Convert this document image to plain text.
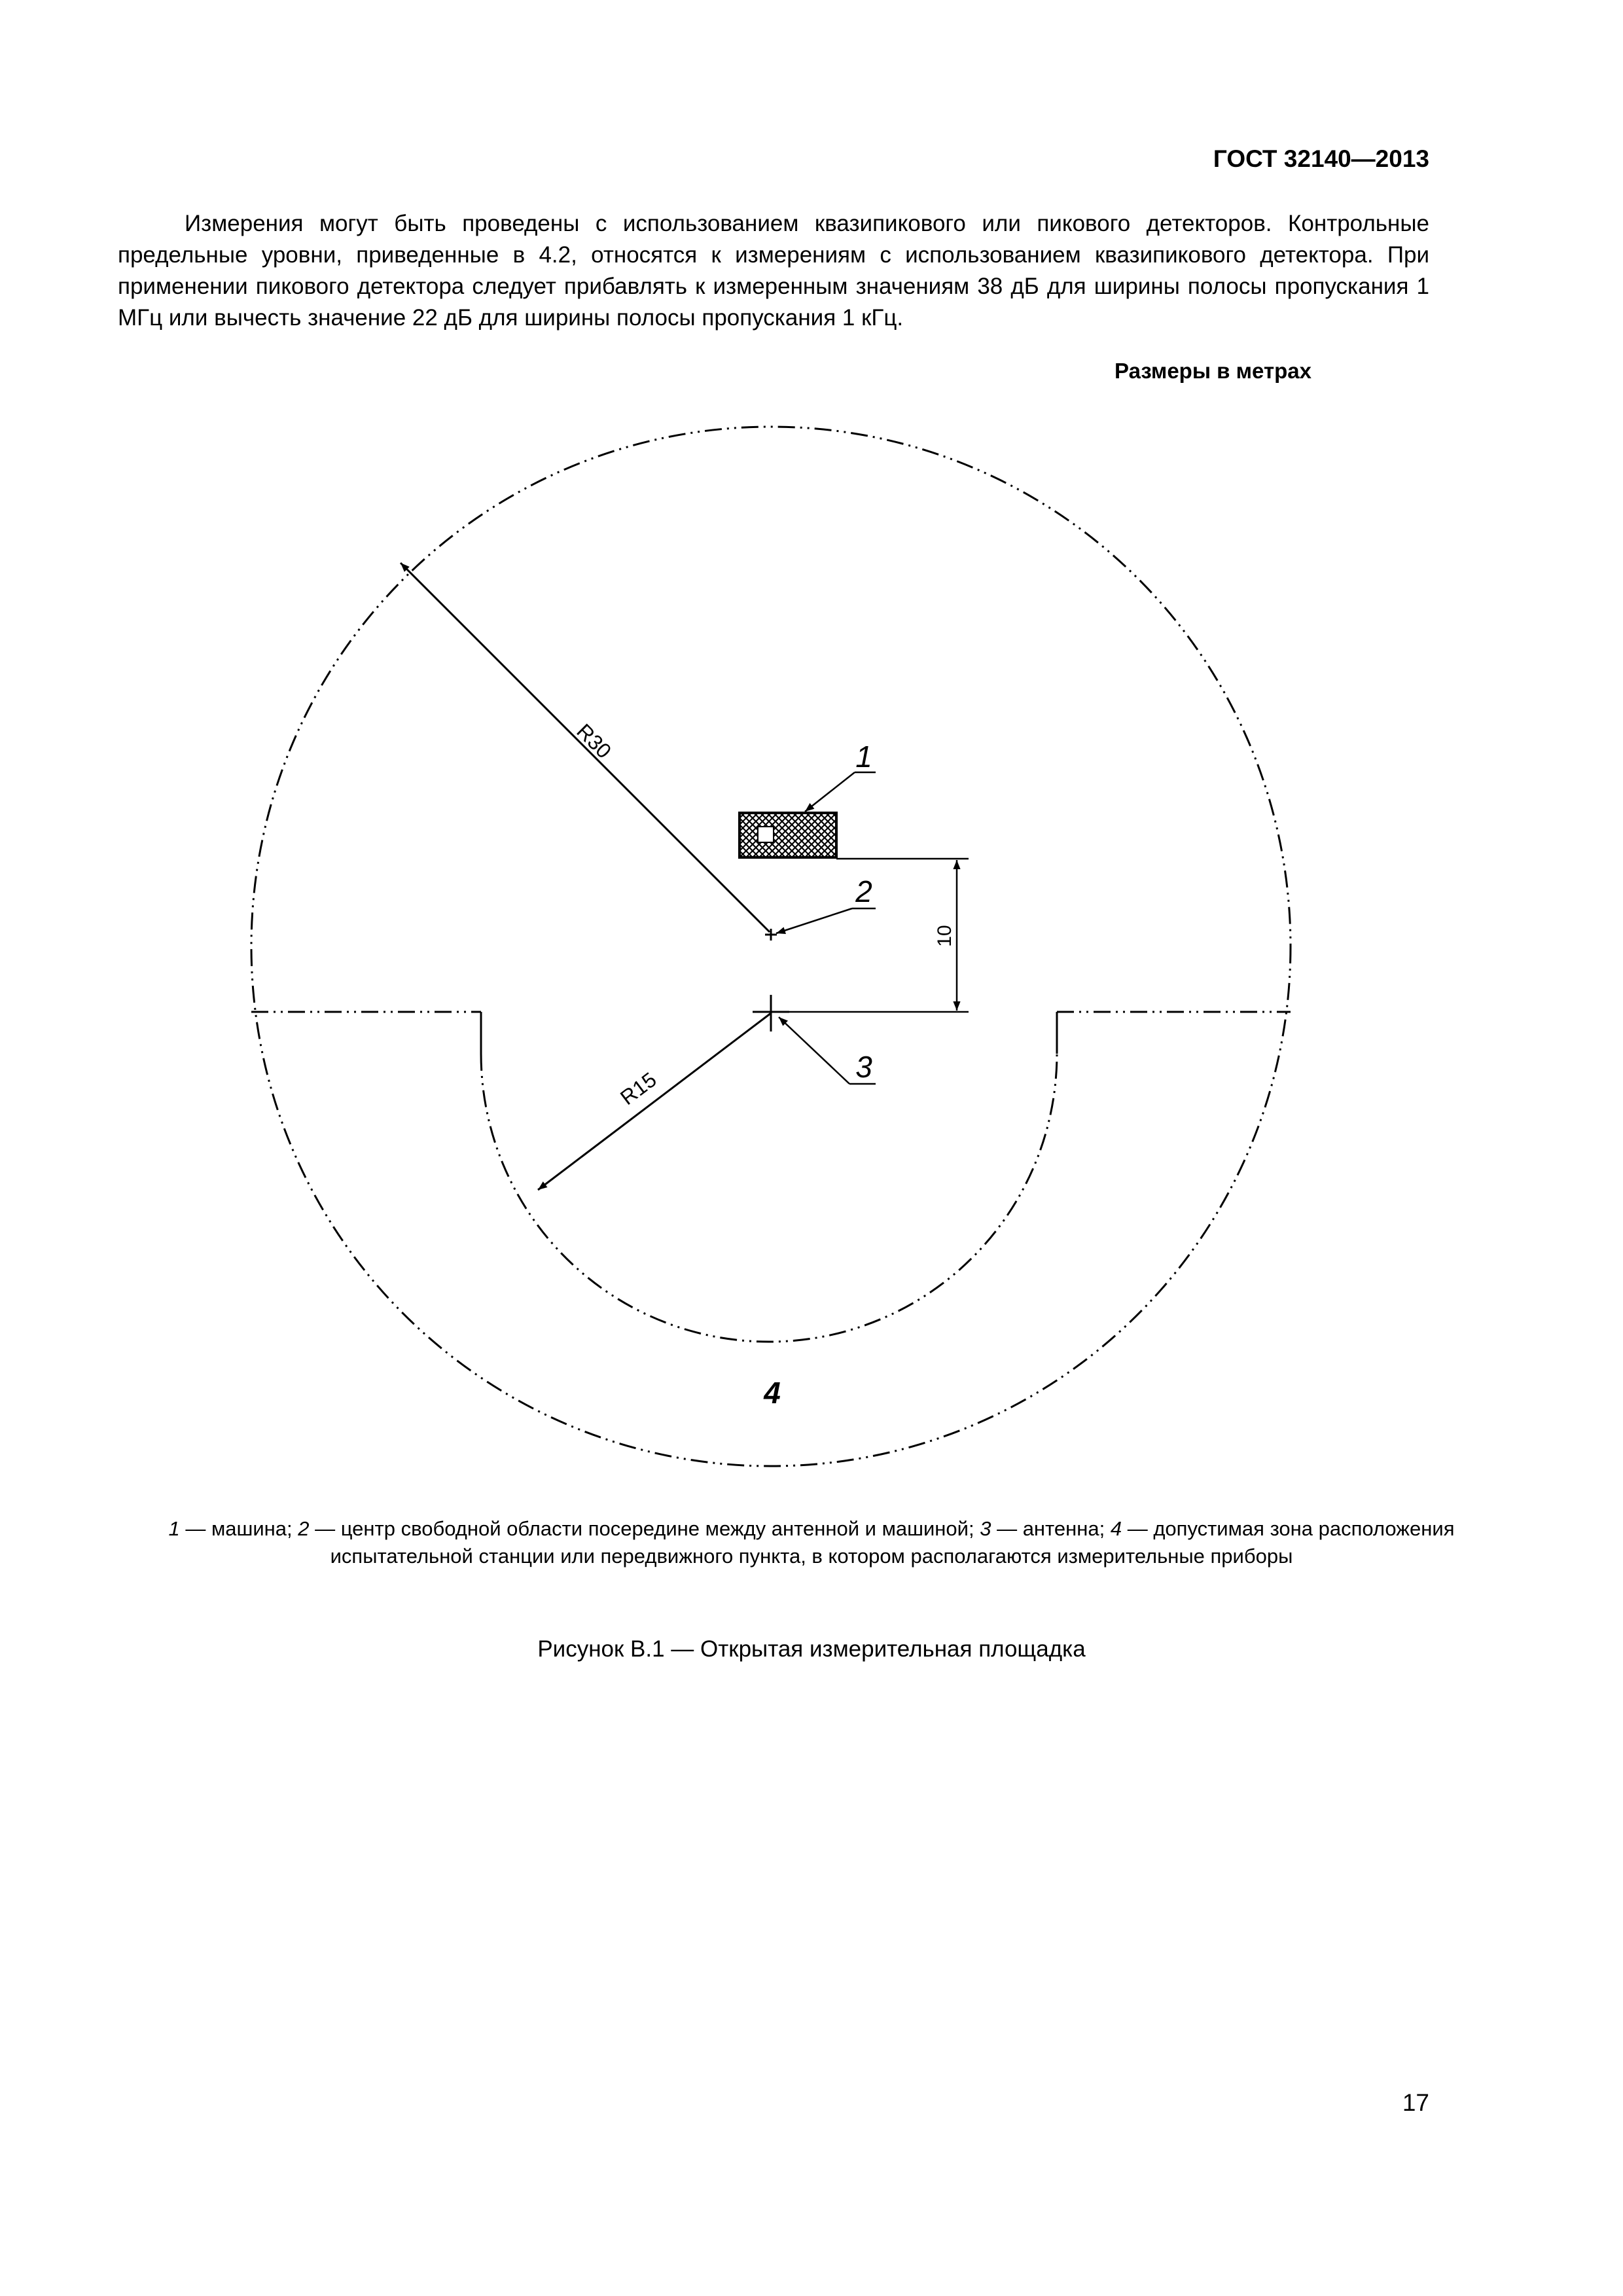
ГОСТ 32140—2013

Измерения могут быть проведены с использованием квазипикового или пикового детекторов. Контрольные предельные уровни, приведенные в 4.2, относятся к измерениям с использованием квазипикового детектора. При применении пикового детектора следует прибавлять к измеренным значениям 38 дБ для ширины полосы пропускания 1 МГц или вычесть значение 22 дБ для ширины полосы пропускания 1 кГц.

Размеры в метрах
10
R30
R15
1
2
3
4

1 — машина; 2 — центр свободной области посередине между антенной и машиной; 3 — антенна; 4 — допустимая зона расположения испытательной станции или передвижного пункта, в котором располагаются измерительные приборы

Рисунок В.1 — Открытая измерительная площадка
17
